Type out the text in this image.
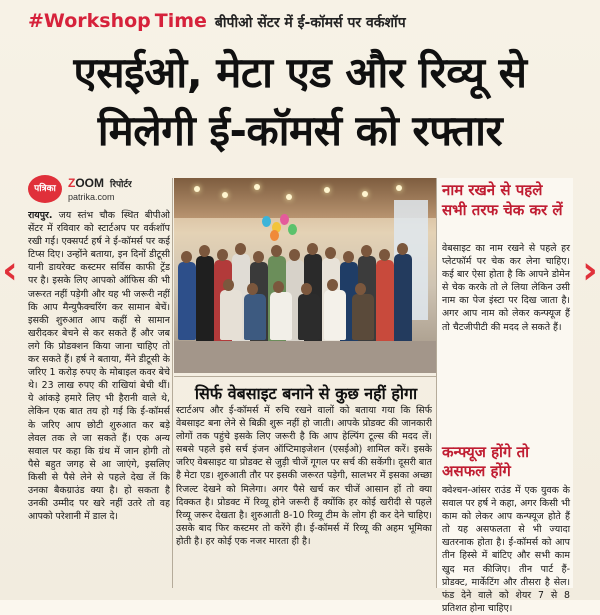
#Workshop Time बीपीओ सेंटर में ई-कॉमर्स पर वर्कशॉप
एसईओ, मेटा एड और रिव्यू से
मिलेगी ई-कॉमर्स को रफ्तार
‹	›
पत्रिका	ZOOM रिपोर्टर
patrika.com
रायपुर. जय स्तंभ चौक स्थित बीपीओ सेंटर में रविवार को स्टार्टअप पर वर्कशॉप रखी गई। एक्सपर्ट हर्ष ने ई-कॉमर्स पर कई टिप्स दिए। उन्होंने बताया, इन दिनों डीटूसी यानी डायरेक्ट कस्टमर सर्विस काफी ट्रेंड पर है। इसके लिए आपको ऑफिस की भी जरूरत नहीं पड़ेगी और यह भी जरूरी नहीं कि आप मैन्युफैक्चरिंग कर सामान बेचें। इसकी शुरुआत आप कहीं से सामान खरीदकर बेचने से कर सकते हैं और जब लगे कि प्रोडक्शन किया जाना चाहिए तो कर सकते हैं। हर्ष ने बताया, मैंने डीटूसी के जरिए 1 करोड़ रुपए के मोबाइल कवर बेचे थे। 23 लाख रुपए की राखियां बेची थीं। ये आंकड़े हमारे लिए भी हैरानी वाले थे, लेकिन एक बात तय हो गई कि ई-कॉमर्स के जरिए आप छोटी शुरुआत कर बड़े लेवल तक ले जा सकते हैं। एक अन्य सवाल पर कहा कि ग्रंथ में जान होगी तो पैसे बहुत जगह से आ जाएंगे, इसलिए किसी से पैसे लेने से पहले देख लें कि उनका बैकग्राउंड क्या है। हो सकता है उनकी उम्मीद पर खरे नहीं उतरे तो वह आपको परेशानी में डाल दे।
नाम रखने से पहले सभी तरफ चेक कर लें
वेबसाइट का नाम रखने से पहले हर प्लेटफॉर्म पर चेक कर लेना चाहिए। कई बार ऐसा होता है कि आपने डोमेन से चेक करके तो ले लिया लेकिन उसी नाम का पेज इंस्टा पर दिख जाता है। अगर आप नाम को लेकर कन्फ्यूज हैं तो चैटजीपीटी की मदद ले सकते हैं।
कन्फ्यूज होंगे तो असफल होंगे
क्वेश्चन-आंसर राउंड में एक युवक के सवाल पर हर्ष ने कहा, अगर किसी भी काम को लेकर आप कन्फ्यूज होते हैं तो यह असफलता से भी ज्यादा खतरनाक होता है। ई-कॉमर्स को आप तीन हिस्से में बांटिए और सभी काम खुद मत कीजिए। तीन पार्ट हैं- प्रोडक्ट, मार्केटिंग और तीसरा है सेल। फंड देने वाले को शेयर 7 से 8 प्रतिशत होना चाहिए।
सिर्फ वेबसाइट बनाने से कुछ नहीं होगा
स्टार्टअप और ई-कॉमर्स में रुचि रखने वालों को बताया गया कि सिर्फ वेबसाइट बना लेने से बिक्री शुरू नहीं हो जाती। आपके प्रोडक्ट की जानकारी लोगों तक पहुंचे इसके लिए जरूरी है कि आप हेल्पिंग टूल्स की मदद लें। सबसे पहले इसे सर्च इंजन ऑप्टिमाइजेशन (एसईओ) शामिल करें। इसके जरिए वेबसाइट या प्रोडक्ट से जुड़ी चीजें गूगल पर सर्च की सकेंगी। दूसरी बात है मेटा एड। शुरुआती तौर पर इसकी जरूरत पड़ेगी, सालभर में इसका अच्छा रिजल्ट देखने को मिलेगा। अगर पैसे खर्च कर चीजें आसान हों तो क्या दिक्कत है। प्रोडक्ट में रिव्यू होने जरूरी हैं क्योंकि हर कोई खरीदी से पहले रिव्यू जरूर देखता है। शुरुआती 8-10 रिव्यू टीम के लोग ही कर देने चाहिए। उसके बाद फिर कस्टमर तो करेंगे ही। ई-कॉमर्स में रिव्यू की अहम भूमिका होती है। हर कोई एक नजर मारता ही है।
